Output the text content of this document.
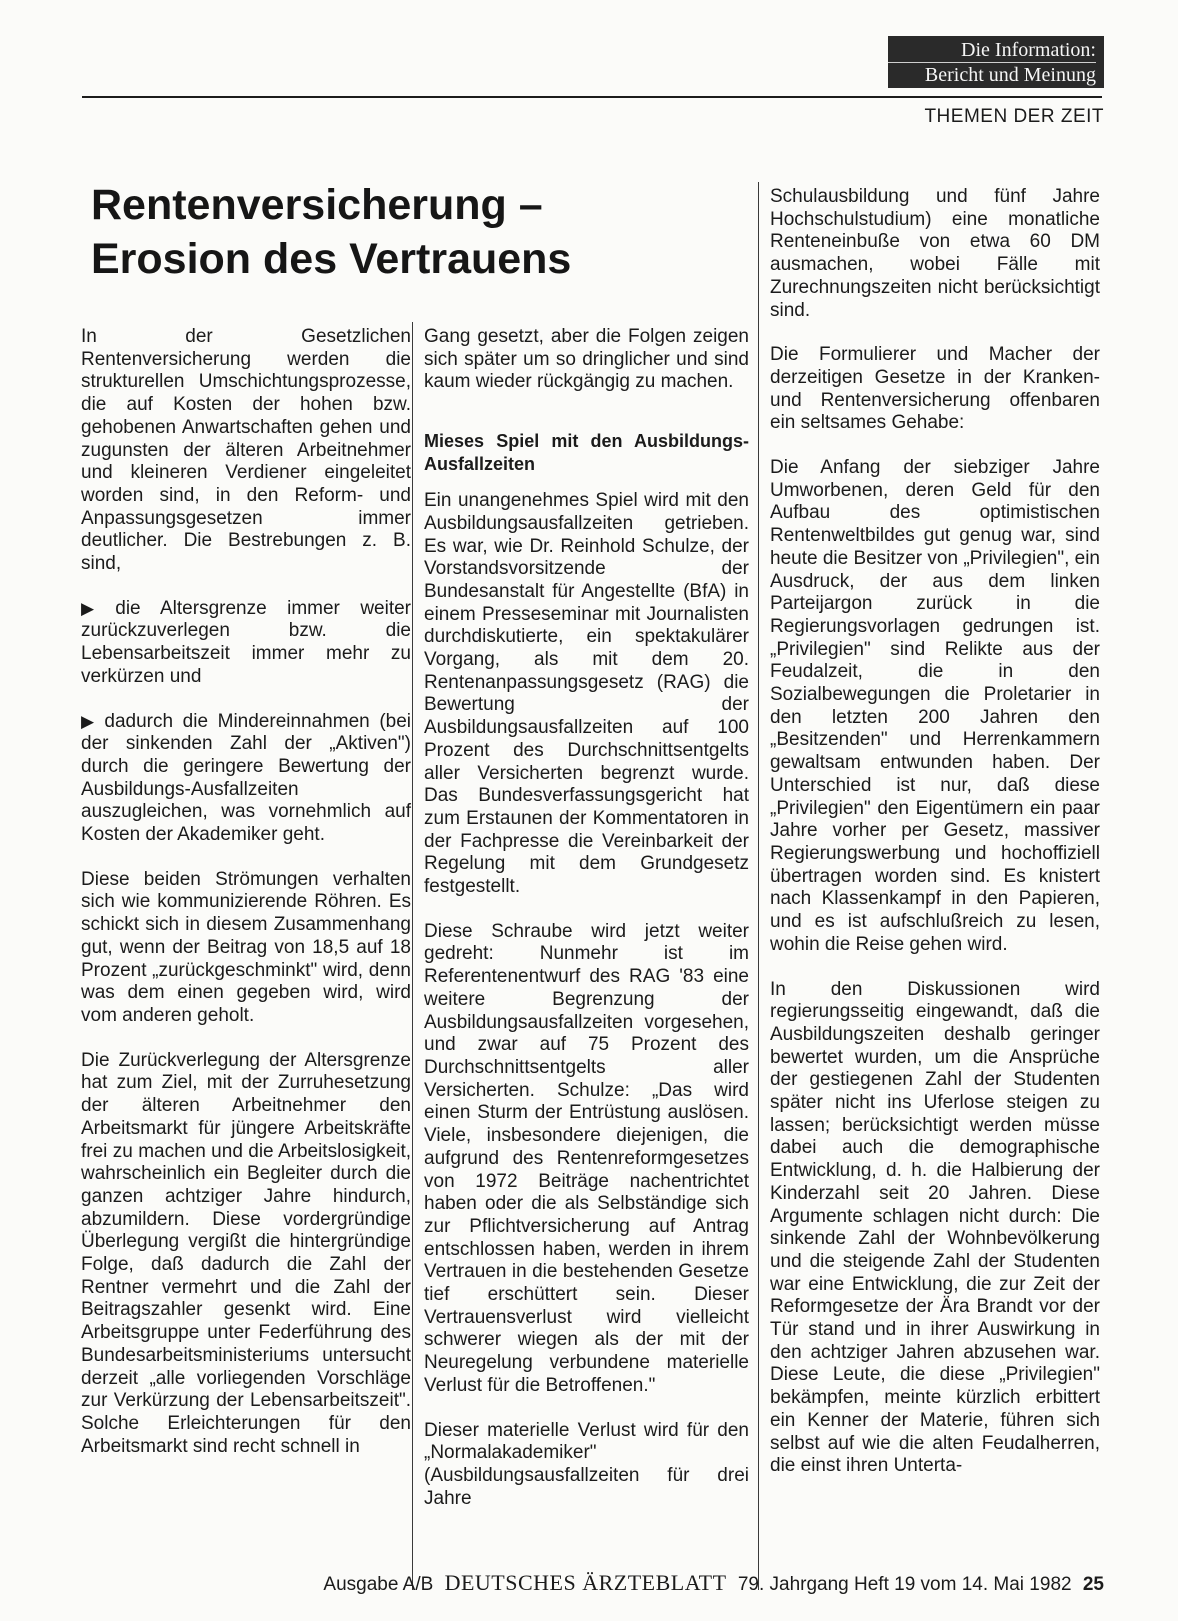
Die Information:
Bericht und Meinung
THEMEN DER ZEIT
Rentenversicherung –
Erosion des Vertrauens

In der Gesetzlichen Rentenversicherung werden die strukturellen Umschichtungsprozesse, die auf Kosten der hohen bzw. gehobenen Anwartschaften gehen und zugunsten der älteren Arbeitnehmer und kleineren Verdiener eingeleitet worden sind, in den Reform- und Anpassungsgesetzen immer deutlicher. Die Bestrebungen z. B. sind,

▶ die Altersgrenze immer weiter zurückzuverlegen bzw. die Lebensarbeitszeit immer mehr zu verkürzen und

▶ dadurch die Mindereinnahmen (bei der sinkenden Zahl der „Aktiven") durch die geringere Bewertung der Ausbildungs-Ausfallzeiten auszugleichen, was vornehmlich auf Kosten der Akademiker geht.

Diese beiden Strömungen verhalten sich wie kommunizierende Röhren. Es schickt sich in diesem Zusammenhang gut, wenn der Beitrag von 18,5 auf 18 Prozent „zurückgeschminkt" wird, denn was dem einen gegeben wird, wird vom anderen geholt.

Die Zurückverlegung der Altersgrenze hat zum Ziel, mit der Zurruhesetzung der älteren Arbeitnehmer den Arbeitsmarkt für jüngere Arbeitskräfte frei zu machen und die Arbeitslosigkeit, wahrscheinlich ein Begleiter durch die ganzen achtziger Jahre hindurch, abzumildern. Diese vordergründige Überlegung vergißt die hintergründige Folge, daß dadurch die Zahl der Rentner vermehrt und die Zahl der Beitragszahler gesenkt wird. Eine Arbeitsgruppe unter Federführung des Bundesarbeitsministeriums untersucht derzeit „alle vorliegenden Vorschläge zur Verkürzung der Lebensarbeitszeit". Solche Erleichterungen für den Arbeitsmarkt sind recht schnell in

Gang gesetzt, aber die Folgen zeigen sich später um so dringlicher und sind kaum wieder rückgängig zu machen.

Mieses Spiel mit den Ausbildungs-Ausfallzeiten

Ein unangenehmes Spiel wird mit den Ausbildungsausfallzeiten getrieben. Es war, wie Dr. Reinhold Schulze, der Vorstandsvorsitzende der Bundesanstalt für Angestellte (BfA) in einem Presseseminar mit Journalisten durchdiskutierte, ein spektakulärer Vorgang, als mit dem 20. Rentenanpassungsgesetz (RAG) die Bewertung der Ausbildungsausfallzeiten auf 100 Prozent des Durchschnittsentgelts aller Versicherten begrenzt wurde. Das Bundesverfassungsgericht hat zum Erstaunen der Kommentatoren in der Fachpresse die Vereinbarkeit der Regelung mit dem Grundgesetz festgestellt.

Diese Schraube wird jetzt weiter gedreht: Nunmehr ist im Referentenentwurf des RAG '83 eine weitere Begrenzung der Ausbildungsausfallzeiten vorgesehen, und zwar auf 75 Prozent des Durchschnittsentgelts aller Versicherten. Schulze: „Das wird einen Sturm der Entrüstung auslösen. Viele, insbesondere diejenigen, die aufgrund des Rentenreformgesetzes von 1972 Beiträge nachentrichtet haben oder die als Selbständige sich zur Pflichtversicherung auf Antrag entschlossen haben, werden in ihrem Vertrauen in die bestehenden Gesetze tief erschüttert sein. Dieser Vertrauensverlust wird vielleicht schwerer wiegen als der mit der Neuregelung verbundene materielle Verlust für die Betroffenen."

Dieser materielle Verlust wird für den „Normalakademiker" (Ausbildungsausfallzeiten für drei Jahre

Schulausbildung und fünf Jahre Hochschulstudium) eine monatliche Renteneinbuße von etwa 60 DM ausmachen, wobei Fälle mit Zurechnungszeiten nicht berücksichtigt sind.

Die Formulierer und Macher der derzeitigen Gesetze in der Kranken- und Rentenversicherung offenbaren ein seltsames Gehabe:

Die Anfang der siebziger Jahre Umworbenen, deren Geld für den Aufbau des optimistischen Rentenweltbildes gut genug war, sind heute die Besitzer von „Privilegien", ein Ausdruck, der aus dem linken Parteijargon zurück in die Regierungsvorlagen gedrungen ist. „Privilegien" sind Relikte aus der Feudalzeit, die in den Sozialbewegungen die Proletarier in den letzten 200 Jahren den „Besitzenden" und Herrenkammern gewaltsam entwunden haben. Der Unterschied ist nur, daß diese „Privilegien" den Eigentümern ein paar Jahre vorher per Gesetz, massiver Regierungswerbung und hochoffiziell übertragen worden sind. Es knistert nach Klassenkampf in den Papieren, und es ist aufschlußreich zu lesen, wohin die Reise gehen wird.

In den Diskussionen wird regierungsseitig eingewandt, daß die Ausbildungszeiten deshalb geringer bewertet wurden, um die Ansprüche der gestiegenen Zahl der Studenten später nicht ins Uferlose steigen zu lassen; berücksichtigt werden müsse dabei auch die demographische Entwicklung, d. h. die Halbierung der Kinderzahl seit 20 Jahren. Diese Argumente schlagen nicht durch: Die sinkende Zahl der Wohnbevölkerung und die steigende Zahl der Studenten war eine Entwicklung, die zur Zeit der Reformgesetze der Ära Brandt vor der Tür stand und in ihrer Auswirkung in den achtziger Jahren abzusehen war. Diese Leute, die diese „Privilegien" bekämpfen, meinte kürzlich erbittert ein Kenner der Materie, führen sich selbst auf wie die alten Feudalherren, die einst ihren Unterta-

Ausgabe A/B DEUTSCHES ÄRZTEBLATT 79. Jahrgang Heft 19 vom 14. Mai 1982 25
